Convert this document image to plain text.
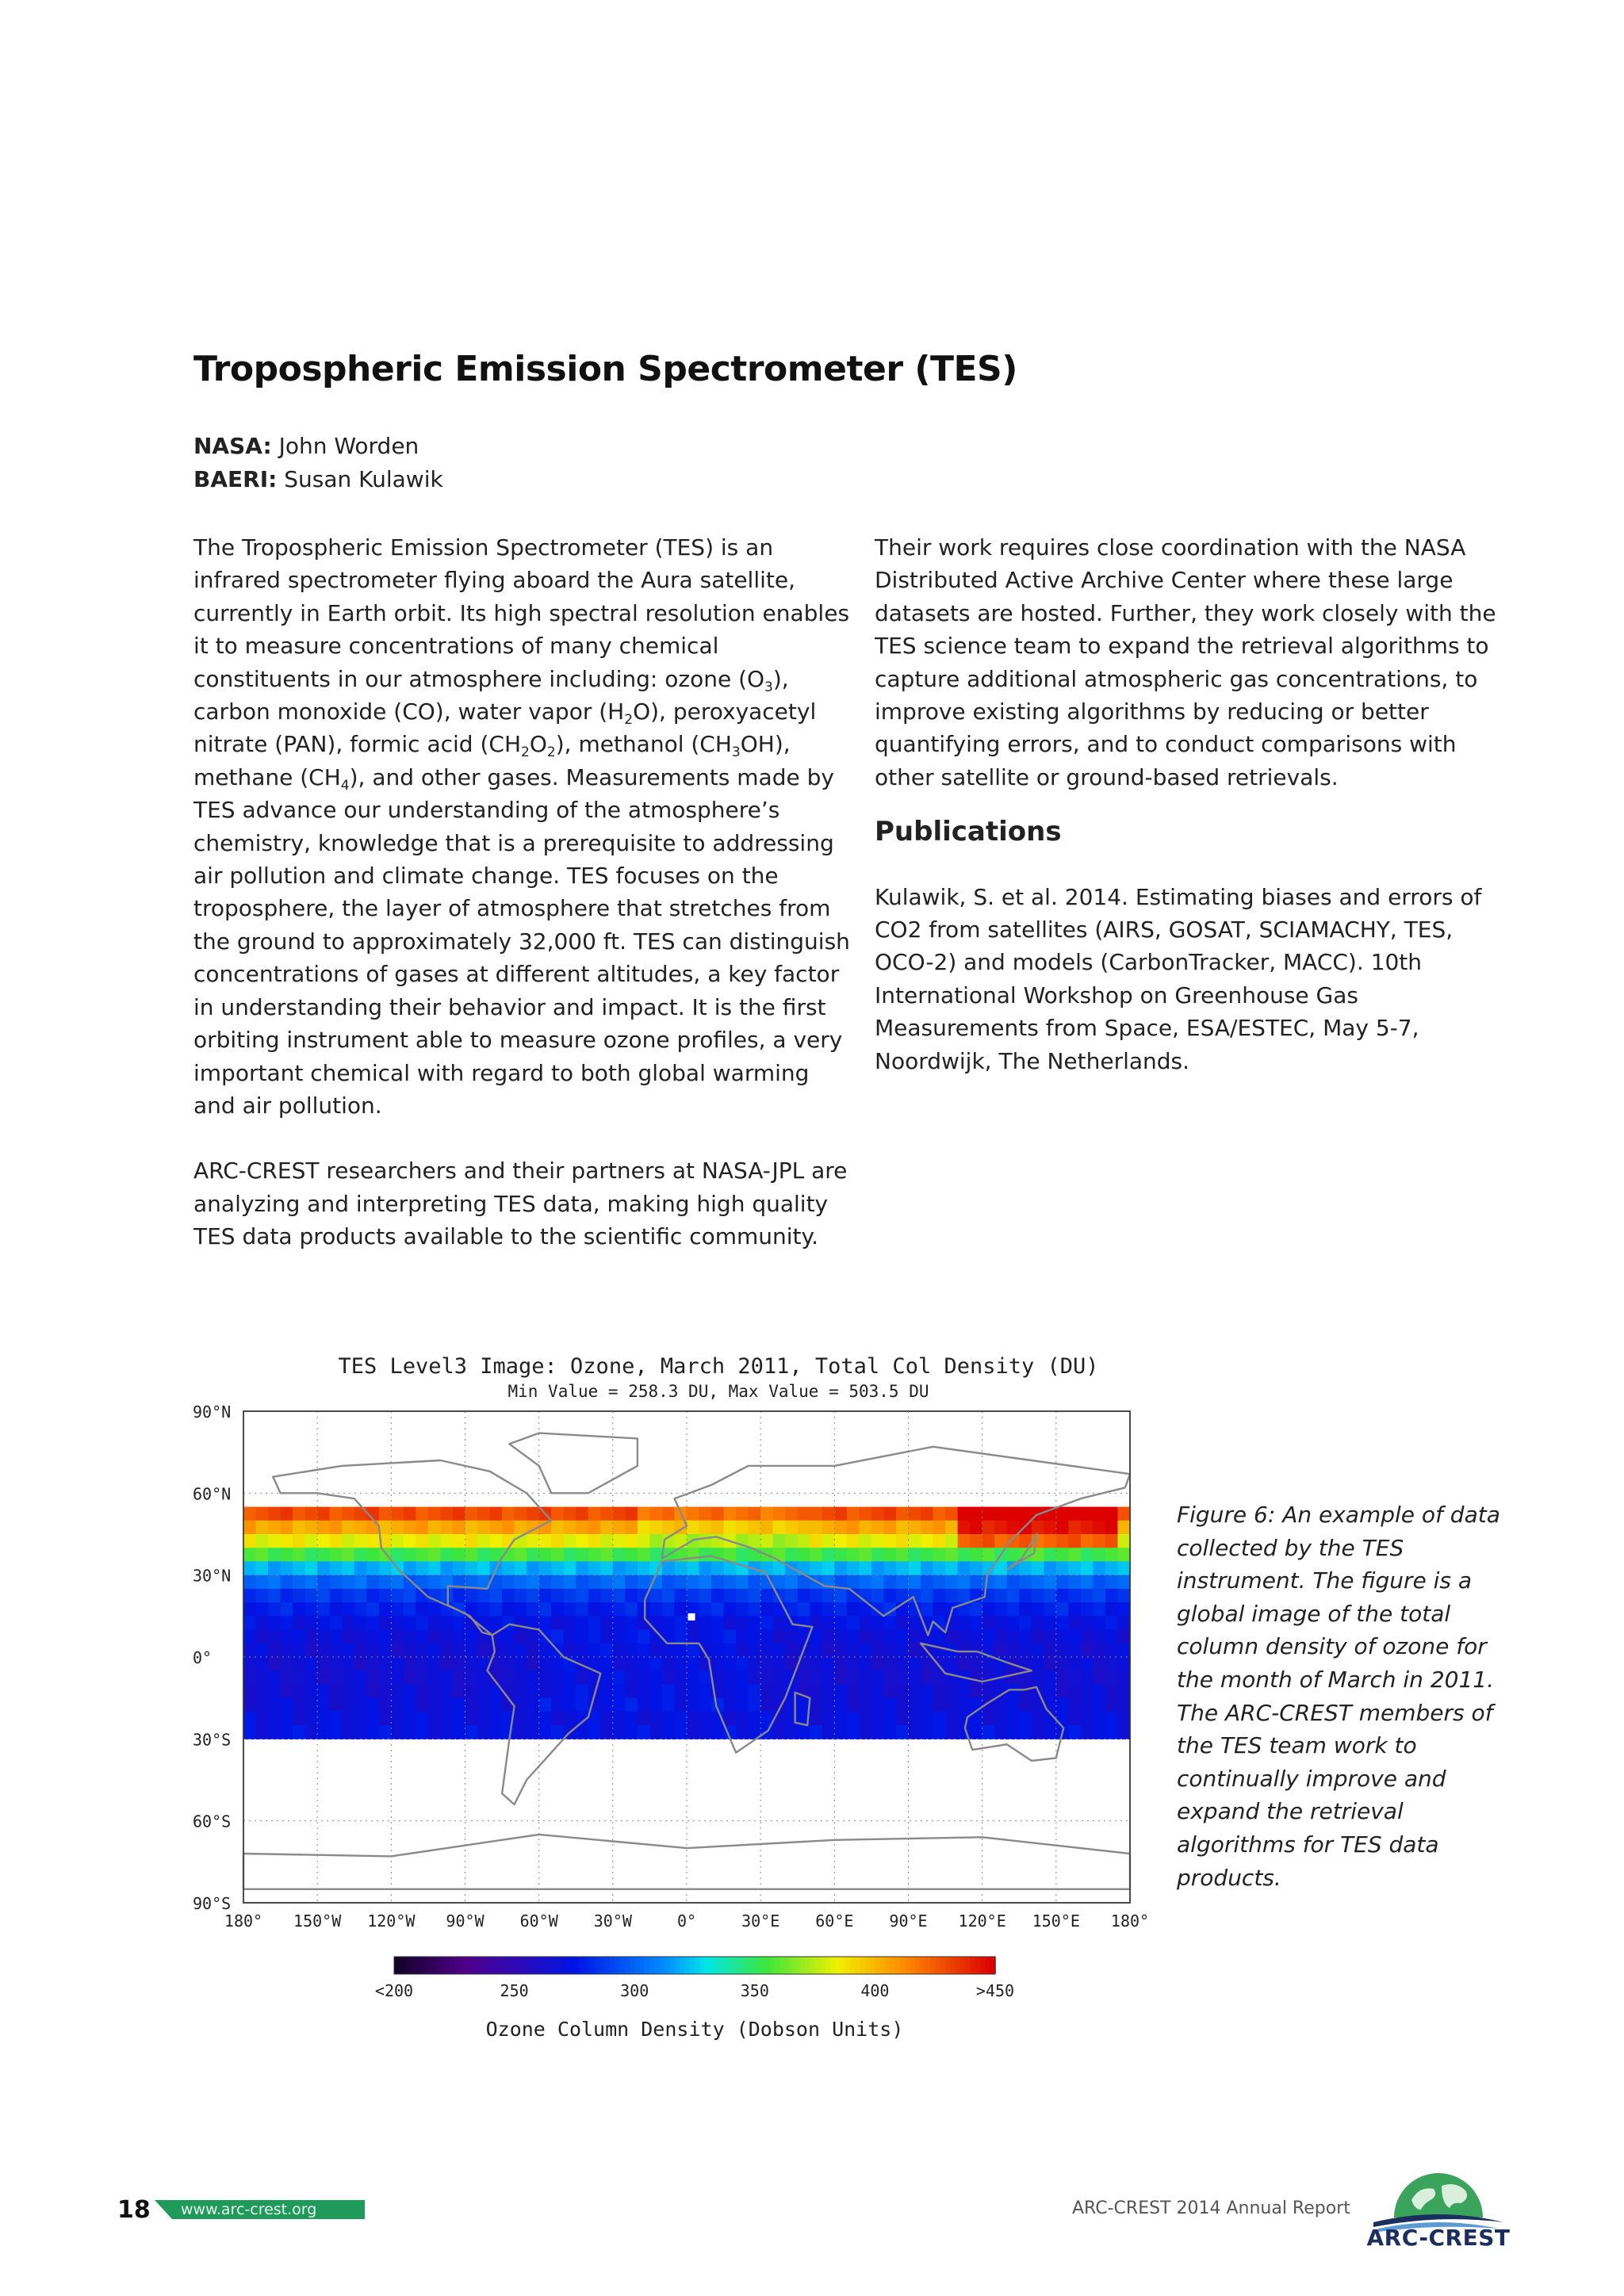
Tropospheric Emission Spectrometer (TES)
NASA: John Worden
BAERI: Susan Kulawik

The Tropospheric Emission Spectrometer (TES) is an infrared spectrometer flying aboard the Aura satellite, currently in Earth orbit. Its high spectral resolution enables it to measure concentrations of many chemical constituents in our atmosphere including: ozone $(O_3)$, carbon monoxide (CO), water vapor $(H_2O)$, peroxyacetyl nitrate (PAN), formic acid $(CH_2O_2)$, methanol $(CH_3OH)$, methane $(CH_4)$, and other gases. Measurements made by TES advance our understanding of the atmosphere’s chemistry, knowledge that is a prerequisite to addressing air pollution and climate change. TES focuses on the troposphere, the layer of atmosphere that stretches from the ground to approximately 32,000 ft. TES can distinguish concentrations of gases at different altitudes, a key factor in understanding their behavior and impact. It is the first orbiting instrument able to measure ozone profiles, a very important chemical with regard to both global warming and air pollution.

ARC-CREST researchers and their partners at NASA-JPL are analyzing and interpreting TES data, making high quality TES data products available to the scientific community.

Their work requires close coordination with the NASA Distributed Active Archive Center where these large datasets are hosted. Further, they work closely with the TES science team to expand the retrieval algorithms to capture additional atmospheric gas concentrations, to improve existing algorithms by reducing or better quantifying errors, and to conduct comparisons with other satellite or ground-based retrievals.

Publications

Kulawik, S. et al. 2014. Estimating biases and errors of CO2 from satellites (AIRS, GOSAT, SCIAMACHY, TES, OCO-2) and models (CarbonTracker, MACC). 10th International Workshop on Greenhouse Gas Measurements from Space, ESA/ESTEC, May 5-7, Noordwijk, The Netherlands.

TES Level3 Image: Ozone, March 2011, Total Col Density (DU)
Min Value = 258.3 DU, Max Value = 503.5 DU
90°N
60°N
30°N
0°
30°S
60°S
90°S
180° 150°W 120°W 90°W 60°W 30°W	0°	30°E 60°E 90°E 120°E 150°E 180°
<200	250	300	350	400	>450
Ozone Column Density (Dobson Units)
Figure 6: An example of data collected by the TES instrument. The figure is a global image of the total column density of ozone for the month of March in 2011. The ARC-CREST members of the TES team work to continually improve and expand the retrieval algorithms for TES data products.
18 www.arc-crest.org	ARC-CREST 2014 Annual Report
ARC-CREST
